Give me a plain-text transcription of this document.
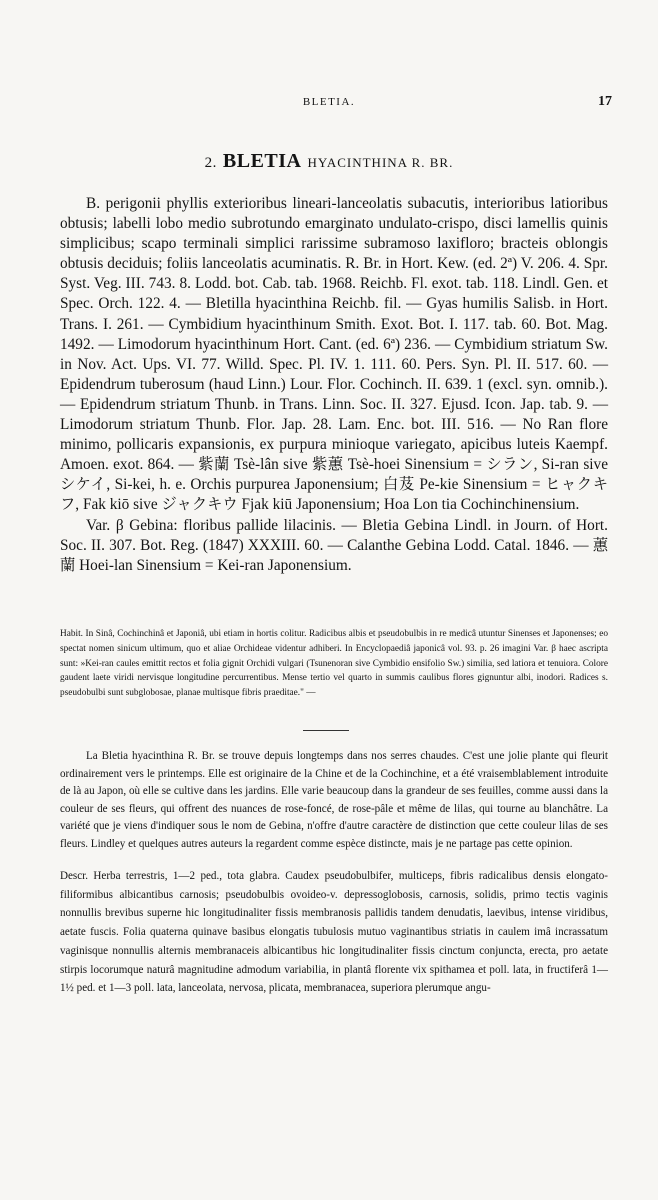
BLETIA.	17
2. BLETIA HYACINTHINA R. BR.

B. perigonii phyllis exterioribus lineari-lanceolatis subacutis, interioribus latioribus obtusis; labelli lobo medio subrotundo emarginato undulato-crispo, disci lamellis quinis simplicibus; scapo terminali simplici rarissime subramoso laxifloro; bracteis oblongis obtusis deciduis; foliis lanceolatis acuminatis. R. Br. in Hort. Kew. (ed. 2ª) V. 206. 4. Spr. Syst. Veg. III. 743. 8. Lodd. bot. Cab. tab. 1968. Reichb. Fl. exot. tab. 118. Lindl. Gen. et Spec. Orch. 122. 4. — Bletilla hyacinthina Reichb. fil. — Gyas humilis Salisb. in Hort. Trans. I. 261. — Cymbidium hyacinthinum Smith. Exot. Bot. I. 117. tab. 60. Bot. Mag. 1492. — Limodorum hyacinthinum Hort. Cant. (ed. 6ª) 236. — Cymbidium striatum Sw. in Nov. Act. Ups. VI. 77. Willd. Spec. Pl. IV. 1. 111. 60. Pers. Syn. Pl. II. 517. 60. — Epidendrum tuberosum (haud Linn.) Lour. Flor. Cochinch. II. 639. 1 (excl. syn. omnib.). — Epidendrum striatum Thunb. in Trans. Linn. Soc. II. 327. Ejusd. Icon. Jap. tab. 9. — Limodorum striatum Thunb. Flor. Jap. 28. Lam. Enc. bot. III. 516. — No Ran flore minimo, pollicaris expansionis, ex purpura minioque variegato, apicibus luteis Kaempf. Amoen. exot. 864. — 紫蘭 Tsè-lân sive 紫蕙 Tsè-hoei Sinensium = シラン, Si-ran sive シケイ, Si-kei, h. e. Orchis purpurea Japonensium; 白芨 Pe-kie Sinensium = ヒャクキフ, Fak kiō sive ジャクキウ Fjak kiū Japonensium; Hoa Lon tia Cochinchinensium.

Var. β Gebina: floribus pallide lilacinis. — Bletia Gebina Lindl. in Journ. of Hort. Soc. II. 307. Bot. Reg. (1847) XXXIII. 60. — Calanthe Gebina Lodd. Catal. 1846. — 蕙蘭 Hoei-lan Sinensium = Kei-ran Japonensium.

Habit. In Sinâ, Cochinchinâ et Japoniâ, ubi etiam in hortis colitur. Radicibus albis et pseudobulbis in re medicâ utuntur Sinenses et Japonenses; eo spectat nomen sinicum ultimum, quo et aliae Orchideae videntur adhiberi. In Encyclopaediâ japonicâ vol. 93. p. 26 imagini Var. β haec ascripta sunt: »Kei-ran caules emittit rectos et folia gignit Orchidi vulgari (Tsunenoran sive Cymbidio ensifolio Sw.) similia, sed latiora et tenuiora. Colore gaudent laete viridi nervisque longitudine percurrentibus. Mense tertio vel quarto in summis caulibus flores gignuntur albi, inodori. Radices s. pseudobulbi sunt subglobosae, planae multisque fibris praeditae." —

La Bletia hyacinthina R. Br. se trouve depuis longtemps dans nos serres chaudes. C'est une jolie plante qui fleurit ordinairement vers le printemps. Elle est originaire de la Chine et de la Cochinchine, et a été vraisemblablement introduite de là au Japon, où elle se cultive dans les jardins. Elle varie beaucoup dans la grandeur de ses feuilles, comme aussi dans la couleur de ses fleurs, qui offrent des nuances de rose-foncé, de rose-pâle et même de lilas, qui tourne au blanchâtre. La variété que je viens d'indiquer sous le nom de Gebina, n'offre d'autre caractère de distinction que cette couleur lilas de ses fleurs. Lindley et quelques autres auteurs la regardent comme espèce distincte, mais je ne partage pas cette opinion.

Descr. Herba terrestris, 1—2 ped., tota glabra. Caudex pseudobulbifer, multiceps, fibris radicalibus densis elongato-filiformibus albicantibus carnosis; pseudobulbis ovoideo-v. depressoglobosis, carnosis, solidis, primo tectis vaginis nonnullis brevibus superne hic longitudinaliter fissis membranosis pallidis tandem denudatis, laevibus, intense viridibus, aetate fuscis. Folia quaterna quinave basibus elongatis tubulosis mutuo vaginantibus striatis in caulem imâ incrassatum vaginisque nonnullis alternis membranaceis albicantibus hic longitudinaliter fissis cinctum conjuncta, erecta, pro aetate stirpis locorumque naturâ magnitudine admodum variabilia, in plantâ florente vix spithamea et poll. lata, in fructiferâ 1—1½ ped. et 1—3 poll. lata, lanceolata, nervosa, plicata, membranacea, superiora plerumque angu-
